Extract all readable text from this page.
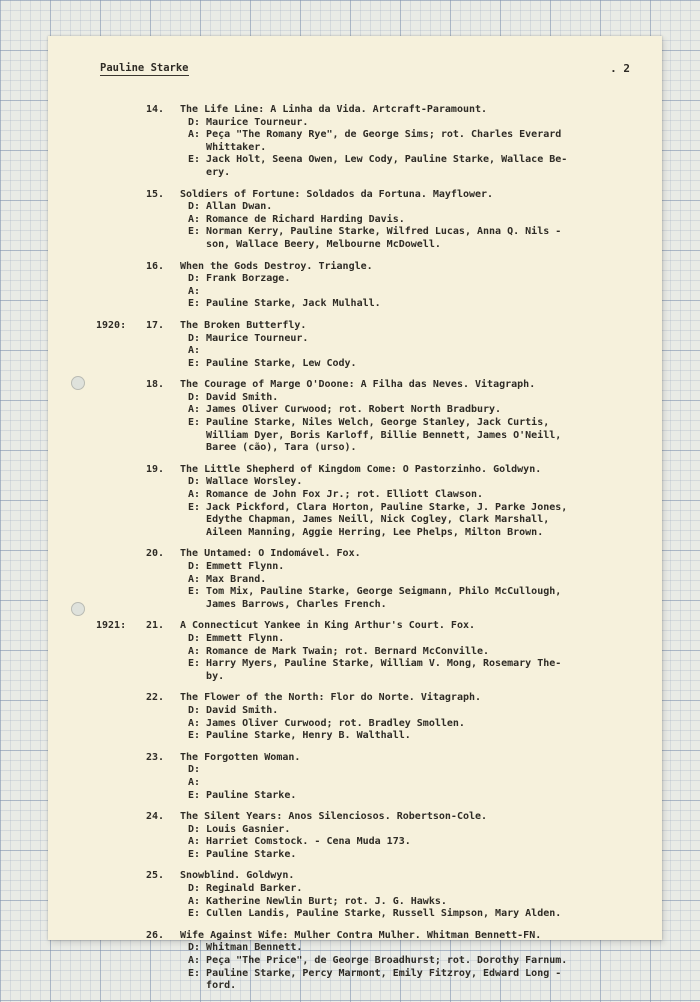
Pauline Starke	. 2
14.	The Life Line: A Linha da Vida. Artcraft-Paramount.
D: Maurice Tourneur.
A: Peça "The Romany Rye", de George Sims; rot. Charles Everard
Whittaker.
E: Jack Holt, Seena Owen, Lew Cody, Pauline Starke, Wallace Be-
ery.
15.	Soldiers of Fortune: Soldados da Fortuna. Mayflower.
D: Allan Dwan.
A: Romance de Richard Harding Davis.
E: Norman Kerry, Pauline Starke, Wilfred Lucas, Anna Q. Nils -
son, Wallace Beery, Melbourne McDowell.
16.	When the Gods Destroy. Triangle.
D: Frank Borzage.
A:
E: Pauline Starke, Jack Mulhall.
1920: 17.	The Broken Butterfly.
D: Maurice Tourneur.
A:
E: Pauline Starke, Lew Cody.
18.	The Courage of Marge O'Doone: A Filha das Neves. Vitagraph.
D: David Smith.
A: James Oliver Curwood; rot. Robert North Bradbury.
E: Pauline Starke, Niles Welch, George Stanley, Jack Curtis,
William Dyer, Boris Karloff, Billie Bennett, James O'Neill,
Baree (cão), Tara (urso).
19.	The Little Shepherd of Kingdom Come: O Pastorzinho. Goldwyn.
D: Wallace Worsley.
A: Romance de John Fox Jr.; rot. Elliott Clawson.
E: Jack Pickford, Clara Horton, Pauline Starke, J. Parke Jones,
Edythe Chapman, James Neill, Nick Cogley, Clark Marshall,
Aileen Manning, Aggie Herring, Lee Phelps, Milton Brown.
20.	The Untamed: O Indomável. Fox.
D: Emmett Flynn.
A: Max Brand.
E: Tom Mix, Pauline Starke, George Seigmann, Philo McCullough,
James Barrows, Charles French.
1921: 21.	A Connecticut Yankee in King Arthur's Court. Fox.
D: Emmett Flynn.
A: Romance de Mark Twain; rot. Bernard McConville.
E: Harry Myers, Pauline Starke, William V. Mong, Rosemary The-
by.
22.	The Flower of the North: Flor do Norte. Vitagraph.
D: David Smith.
A: James Oliver Curwood; rot. Bradley Smollen.
E: Pauline Starke, Henry B. Walthall.
23.	The Forgotten Woman.
D:
A:
E: Pauline Starke.
24.	The Silent Years: Anos Silenciosos. Robertson-Cole.
D: Louis Gasnier.
A: Harriet Comstock. - Cena Muda 173.
E: Pauline Starke.
25.	Snowblind. Goldwyn.
D: Reginald Barker.
A: Katherine Newlin Burt; rot. J. G. Hawks.
E: Cullen Landis, Pauline Starke, Russell Simpson, Mary Alden.
26.	Wife Against Wife: Mulher Contra Mulher. Whitman Bennett-FN.
D: Whitman Bennett.
A: Peça "The Price", de George Broadhurst; rot. Dorothy Farnum.
E: Pauline Starke, Percy Marmont, Emily Fitzroy, Edward Long -
ford.
